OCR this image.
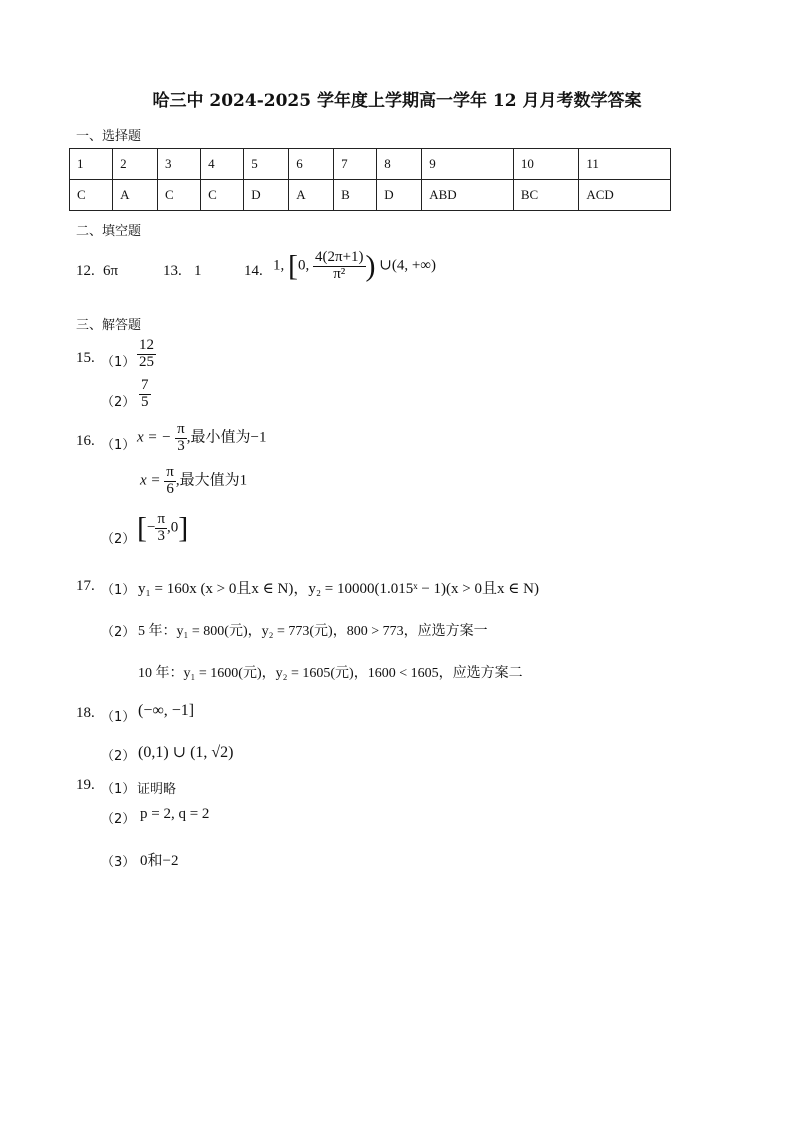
哈三中 2024-2025 学年度上学期高一学年 12 月月考数学答案
一、选择题
1	2	3	4	5	6	7	8	9	10	11
C	A	C	C	D	A	B	D	ABD	BC	ACD
二、填空题
12. 6π	13. 1	14. 1, [0, $\frac{4(2\pi+1)}{\text{π²}}$ ) ∪(4, +∞)
三、解答题
15. $(1) \frac{12}{25}$
$(2) \frac{7}{5}$
16. （1） x = − $\frac{\pi}{3}$ ,最小值为−1
$x = \frac{\pi}{6}$ ,最大值为1
（2） [− $\frac{\pi}{3} ,0$]
17. （1） y₁ = 160x (x > 0且x ∈ N)，y₂ = 10000(1.015ˣ − 1)(x > 0且x ∈ N)
（2） 5 年：y₁ = 800(元)，y₂ = 773(元)，800 > 773，应选方案一
10 年：y₁ = 1600(元)，y₂ = 1605(元)，1600 < 1605，应选方案二
18. （1） (−∞, −1]
（2） (0,1) ∪ (1, √2)
19. （1） 证明略
（2） p = 2, q = 2
（3） 0和−2
